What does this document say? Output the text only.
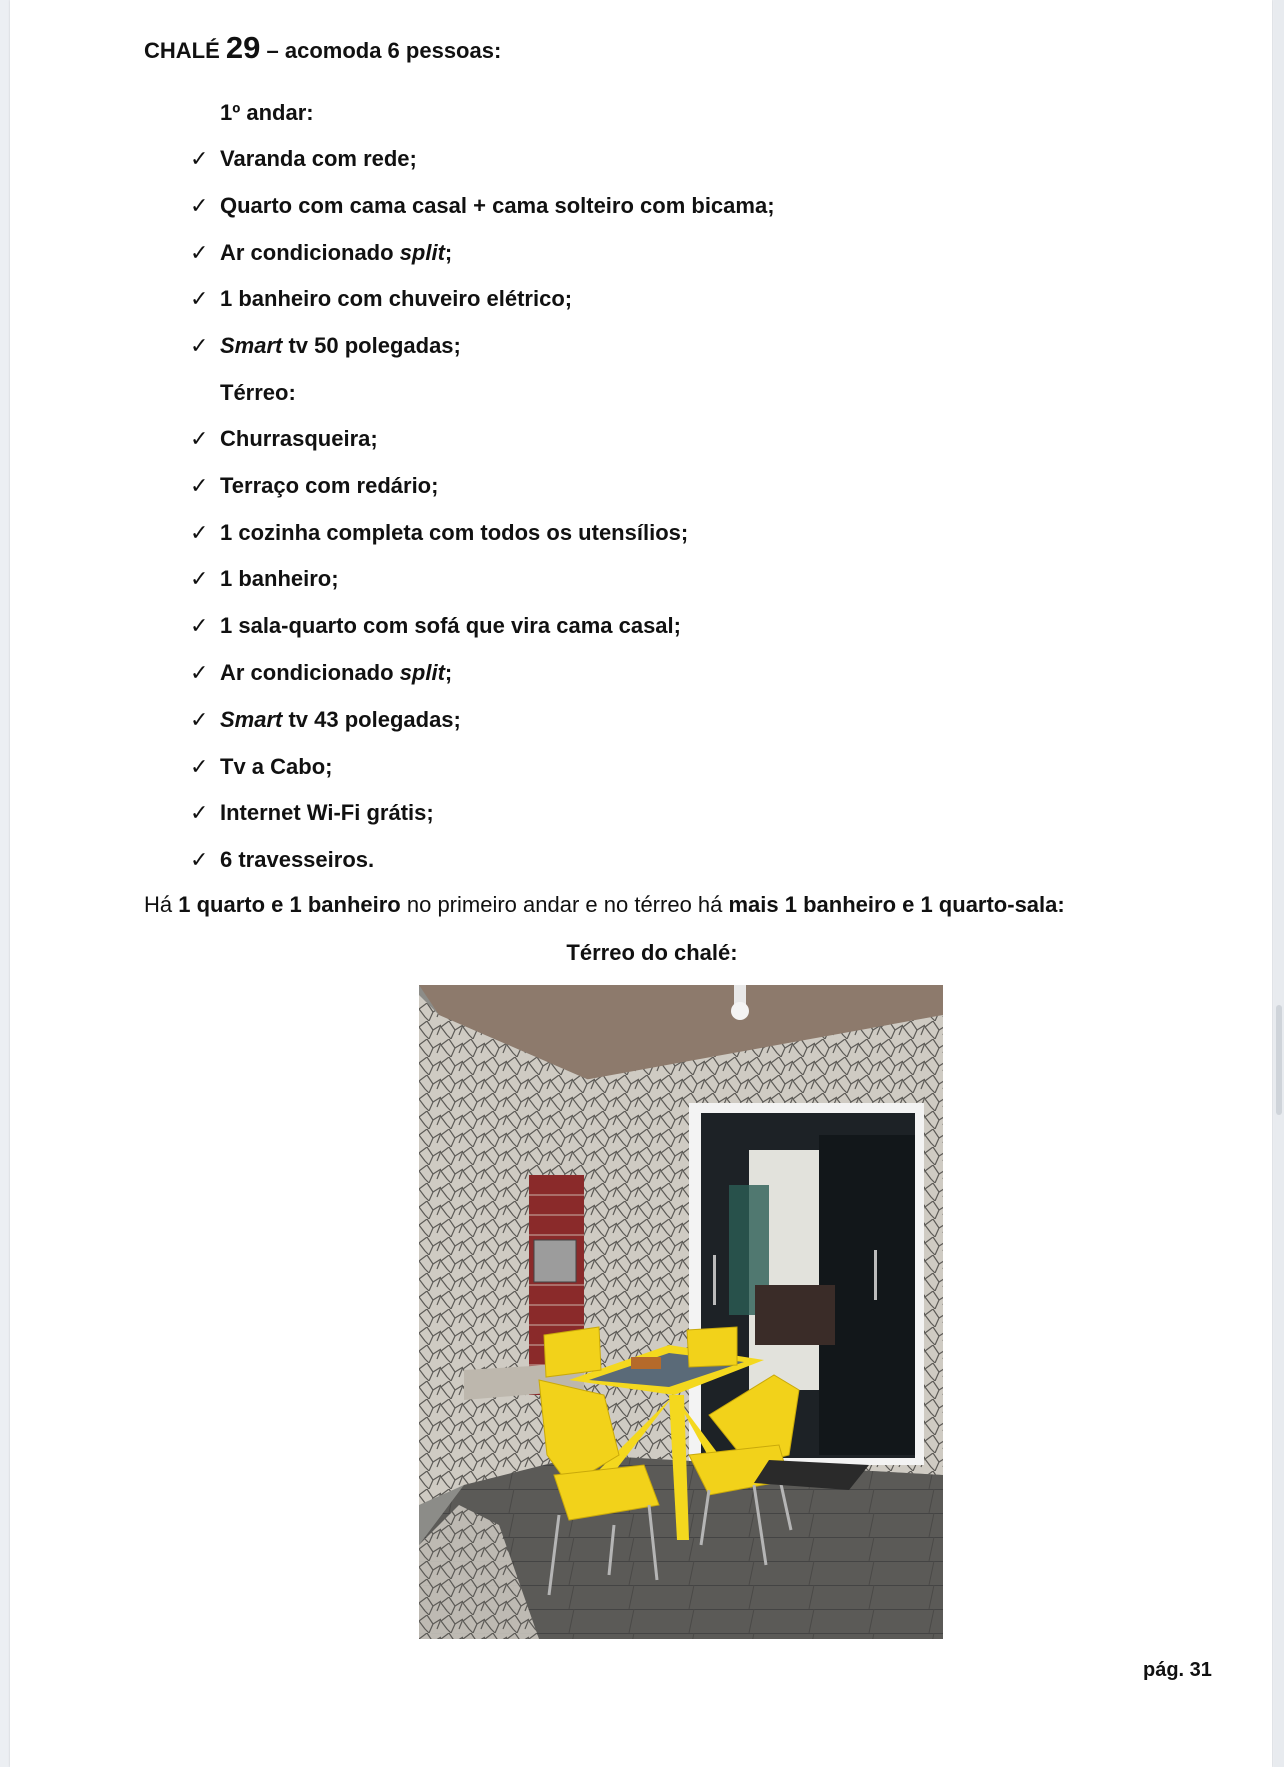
CHALÉ 29 – acomoda 6 pessoas:
1º andar:
✓ Varanda com rede;
✓ Quarto com cama casal + cama solteiro com bicama;
✓ Ar condicionado split;
✓ 1 banheiro com chuveiro elétrico;
✓ Smart tv 50 polegadas;
Térreo:
✓ Churrasqueira;
✓ Terraço com redário;
✓ 1 cozinha completa com todos os utensílios;
✓ 1 banheiro;
✓ 1 sala-quarto com sofá que vira cama casal;
✓ Ar condicionado split;
✓ Smart tv 43 polegadas;
✓ Tv a Cabo;
✓ Internet Wi-Fi grátis;
✓ 6 travesseiros.
Há 1 quarto e 1 banheiro no primeiro andar e no térreo há mais 1 banheiro e 1 quarto-sala:
Térreo do chalé:
pág. 31
